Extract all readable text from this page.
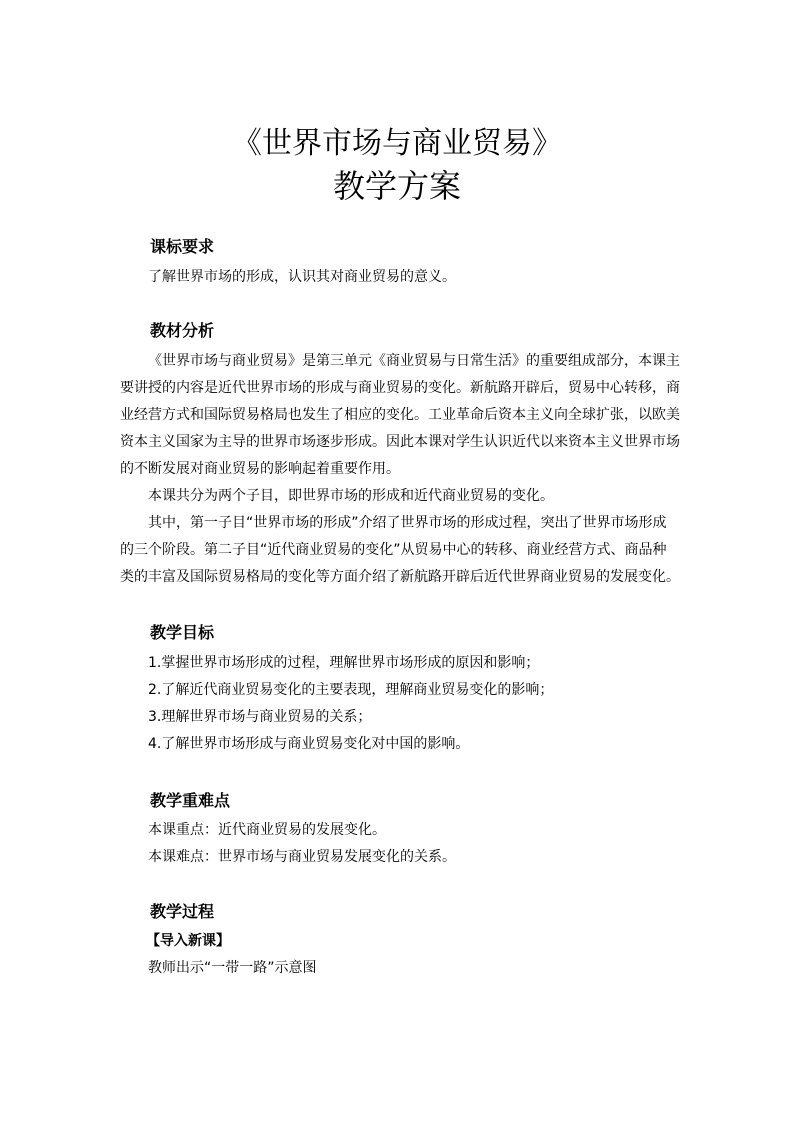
《世界市场与商业贸易》
教学方案
课标要求
了解世界市场的形成，认识其对商业贸易的意义。
教材分析
《世界市场与商业贸易》是第三单元《商业贸易与日常生活》的重要组成部分，本课主
要讲授的内容是近代世界市场的形成与商业贸易的变化。新航路开辟后，贸易中心转移，商
业经营方式和国际贸易格局也发生了相应的变化。工业革命后资本主义向全球扩张，以欧美
资本主义国家为主导的世界市场逐步形成。因此本课对学生认识近代以来资本主义世界市场
的不断发展对商业贸易的影响起着重要作用。
本课共分为两个子目，即世界市场的形成和近代商业贸易的变化。
其中，第一子目“世界市场的形成”介绍了世界市场的形成过程，突出了世界市场形成
的三个阶段。第二子目“近代商业贸易的变化”从贸易中心的转移、商业经营方式、商品种
类的丰富及国际贸易格局的变化等方面介绍了新航路开辟后近代世界商业贸易的发展变化。
教学目标
1.掌握世界市场形成的过程，理解世界市场形成的原因和影响；
2.了解近代商业贸易变化的主要表现，理解商业贸易变化的影响；
3.理解世界市场与商业贸易的关系；
4.了解世界市场形成与商业贸易变化对中国的影响。
教学重难点
本课重点：近代商业贸易的发展变化。
本课难点：世界市场与商业贸易发展变化的关系。
教学过程
【导入新课】
教师出示“一带一路”示意图
